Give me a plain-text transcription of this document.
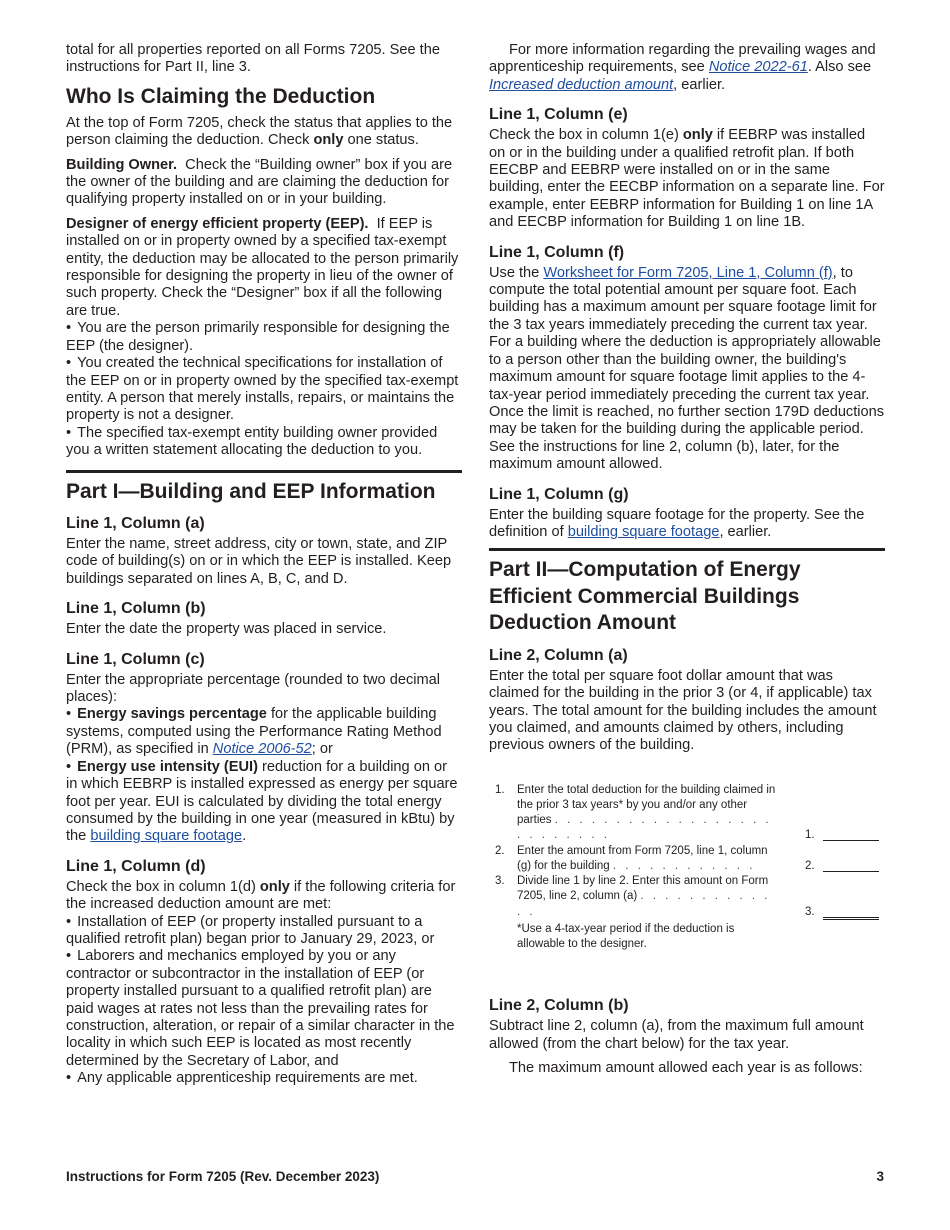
total for all properties reported on all Forms 7205. See the instructions for Part II, line 3.

Who Is Claiming the Deduction

At the top of Form 7205, check the status that applies to the person claiming the deduction. Check only one status.

Building Owner.  Check the “Building owner” box if you are the owner of the building and are claiming the deduction for qualifying property installed on or in your building.

Designer of energy efficient property (EEP).  If EEP is installed on or in property owned by a specified tax-exempt entity, the deduction may be allocated to the person primarily responsible for designing the property in lieu of the owner of such property. Check the “Designer” box if all the following are true.

• You are the person primarily responsible for designing the EEP (the designer).

• You created the technical specifications for installation of the EEP on or in property owned by the specified tax-exempt entity. A person that merely installs, repairs, or maintains the property is not a designer.

• The specified tax-exempt entity building owner provided you a written statement allocating the deduction to you.

Part I—Building and EEP Information
Line 1, Column (a)

Enter the name, street address, city or town, state, and ZIP code of building(s) on or in which the EEP is installed. Keep buildings separated on lines A, B, C, and D.

Line 1, Column (b)

Enter the date the property was placed in service.

Line 1, Column (c)

Enter the appropriate percentage (rounded to two decimal places):

• Energy savings percentage for the applicable building systems, computed using the Performance Rating Method (PRM), as specified in Notice 2006-52; or

• Energy use intensity (EUI) reduction for a building on or in which EEBRP is installed expressed as energy per square foot per year. EUI is calculated by dividing the total energy consumed by the building in one year (measured in kBtu) by the building square footage.

Line 1, Column (d)

Check the box in column 1(d) only if the following criteria for the increased deduction amount are met:

• Installation of EEP (or property installed pursuant to a qualified retrofit plan) began prior to January 29, 2023, or

• Laborers and mechanics employed by you or any contractor or subcontractor in the installation of EEP (or property installed pursuant to a qualified retrofit plan) are paid wages at rates not less than the prevailing rates for construction, alteration, or repair of a similar character in the locality in which such EEP is located as most recently determined by the Secretary of Labor, and

• Any applicable apprenticeship requirements are met.

For more information regarding the prevailing wages and apprenticeship requirements, see Notice 2022-61. Also see Increased deduction amount, earlier.

Line 1, Column (e)

Check the box in column 1(e) only if EEBRP was installed on or in the building under a qualified retrofit plan. If both EECBP and EEBRP were installed on or in the same building, enter the EECBP information on a separate line. For example, enter EEBRP information for Building 1 on line 1A and EECBP information for Building 1 on line 1B.

Line 1, Column (f)

Use the Worksheet for Form 7205, Line 1, Column (f), to compute the total potential amount per square foot. Each building has a maximum amount per square footage limit for the 3 tax years immediately preceding the current tax year. For a building where the deduction is appropriately allowable to a person other than the building owner, the building's maximum amount for square footage limit applies to the 4-tax-year period immediately preceding the current tax year. Once the limit is reached, no further section 179D deductions may be taken for the building during the applicable period. See the instructions for line 2, column (b), later, for the maximum amount allowed.

Line 1, Column (g)

Enter the building square footage for the property. See the definition of building square footage, earlier.

Part II—Computation of Energy Efficient Commercial Buildings Deduction Amount
Line 2, Column (a)

Enter the total per square foot dollar amount that was claimed for the building in the prior 3 (or 4, if applicable) tax years. The total amount for the building includes the amount you claimed, and amounts claimed by others, including previous owners of the building.

1.	Enter the total deduction for the building claimed in the prior 3 tax years* by you and/or any other parties . . . . . . . . . . . . . . . . . . . . . . . . . .	1.
2.	Enter the amount from Form 7205, line 1, column (g) for the building . . . . . . . . . . . .	2.
3.	Divide line 1 by line 2. Enter this amount on Form 7205, line 2, column (a) . . . . . . . . . . . . .	3.
*Use a 4-tax-year period if the deduction is allowable to the designer.
Line 2, Column (b)

Subtract line 2, column (a), from the maximum full amount allowed (from the chart below) for the tax year.

The maximum amount allowed each year is as follows:

Instructions for Form 7205 (Rev. December 2023)	3
